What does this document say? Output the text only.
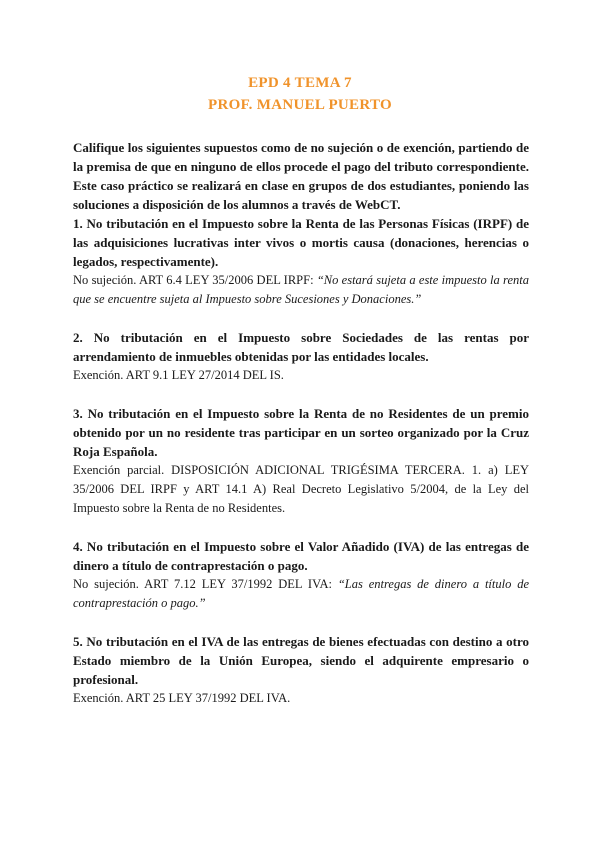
EPD 4 TEMA 7
PROF. MANUEL PUERTO

Califique los siguientes supuestos como de no sujeción o de exención, partiendo de la premisa de que en ninguno de ellos procede el pago del tributo correspondiente. Este caso práctico se realizará en clase en grupos de dos estudiantes, poniendo las soluciones a disposición de los alumnos a través de WebCT.

1. No tributación en el Impuesto sobre la Renta de las Personas Físicas (IRPF) de las adquisiciones lucrativas inter vivos o mortis causa (donaciones, herencias o legados, respectivamente).

No sujeción. ART 6.4 LEY 35/2006 DEL IRPF: “No estará sujeta a este impuesto la renta que se encuentre sujeta al Impuesto sobre Sucesiones y Donaciones.”

2. No tributación en el Impuesto sobre Sociedades de las rentas por arrendamiento de inmuebles obtenidas por las entidades locales.

Exención. ART 9.1 LEY 27/2014 DEL IS.

3. No tributación en el Impuesto sobre la Renta de no Residentes de un premio obtenido por un no residente tras participar en un sorteo organizado por la Cruz Roja Española.

Exención parcial. DISPOSICIÓN ADICIONAL TRIGÉSIMA TERCERA. 1. a) LEY 35/2006 DEL IRPF y ART 14.1 A) Real Decreto Legislativo 5/2004, de la Ley del Impuesto sobre la Renta de no Residentes.

4. No tributación en el Impuesto sobre el Valor Añadido (IVA) de las entregas de dinero a título de contraprestación o pago.

No sujeción. ART 7.12 LEY 37/1992 DEL IVA: “Las entregas de dinero a título de contraprestación o pago.”

5. No tributación en el IVA de las entregas de bienes efectuadas con destino a otro Estado miembro de la Unión Europea, siendo el adquirente empresario o profesional.

Exención. ART 25 LEY 37/1992 DEL IVA.
